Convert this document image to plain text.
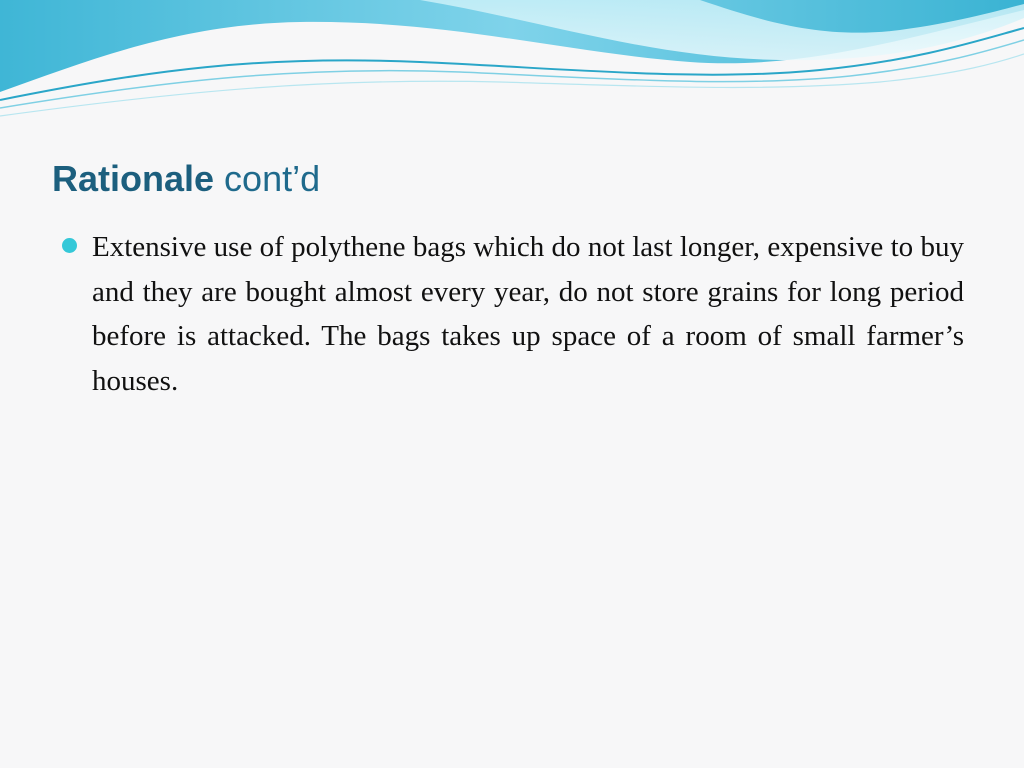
Rationale cont’d
Extensive use of polythene bags which do not last longer, expensive to buy and they are bought almost every year, do not store grains for long period before is attacked. The bags takes up space of a room of small farmer’s houses.
